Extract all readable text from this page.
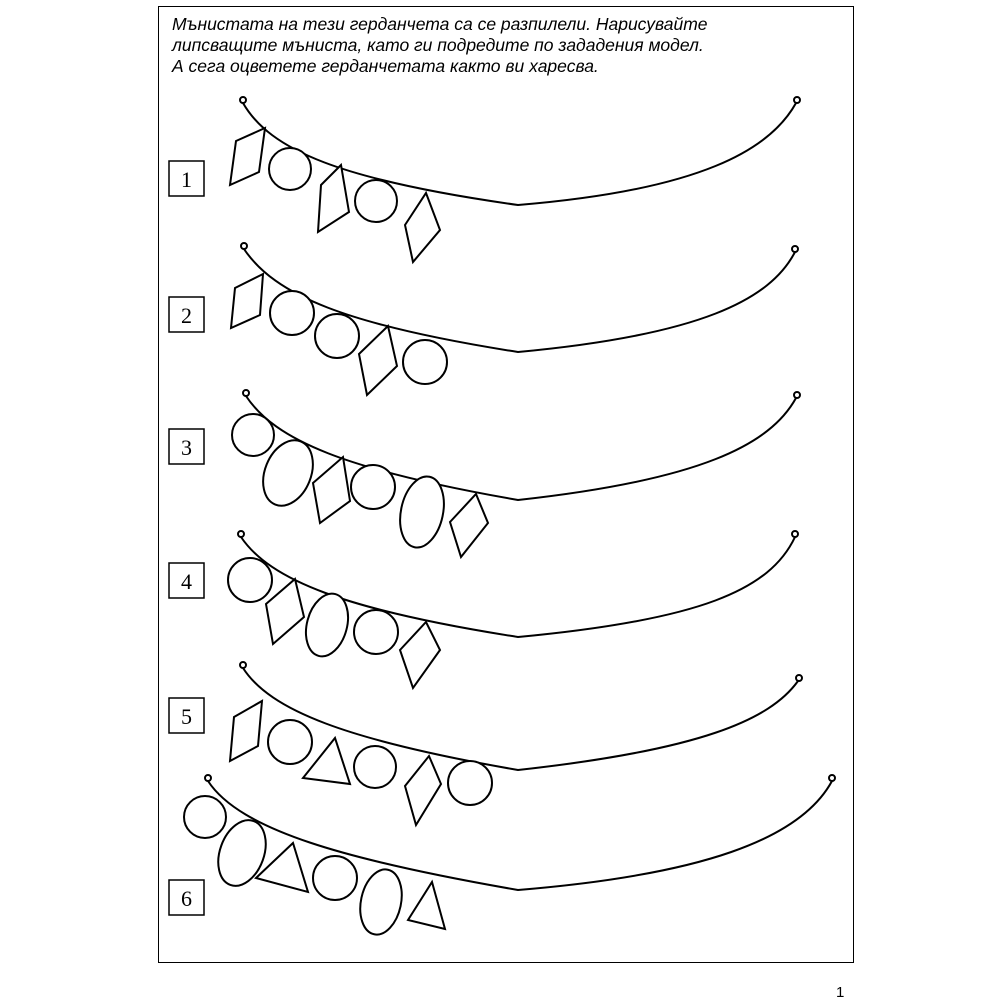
Мънистата на тези герданчета са се разпилели. Нарисувайте
липсващите мъниста, като ги подредите по зададения модел.
А сега оцветете герданчетата както ви харесва.
1
2
3
4
5
6
1
